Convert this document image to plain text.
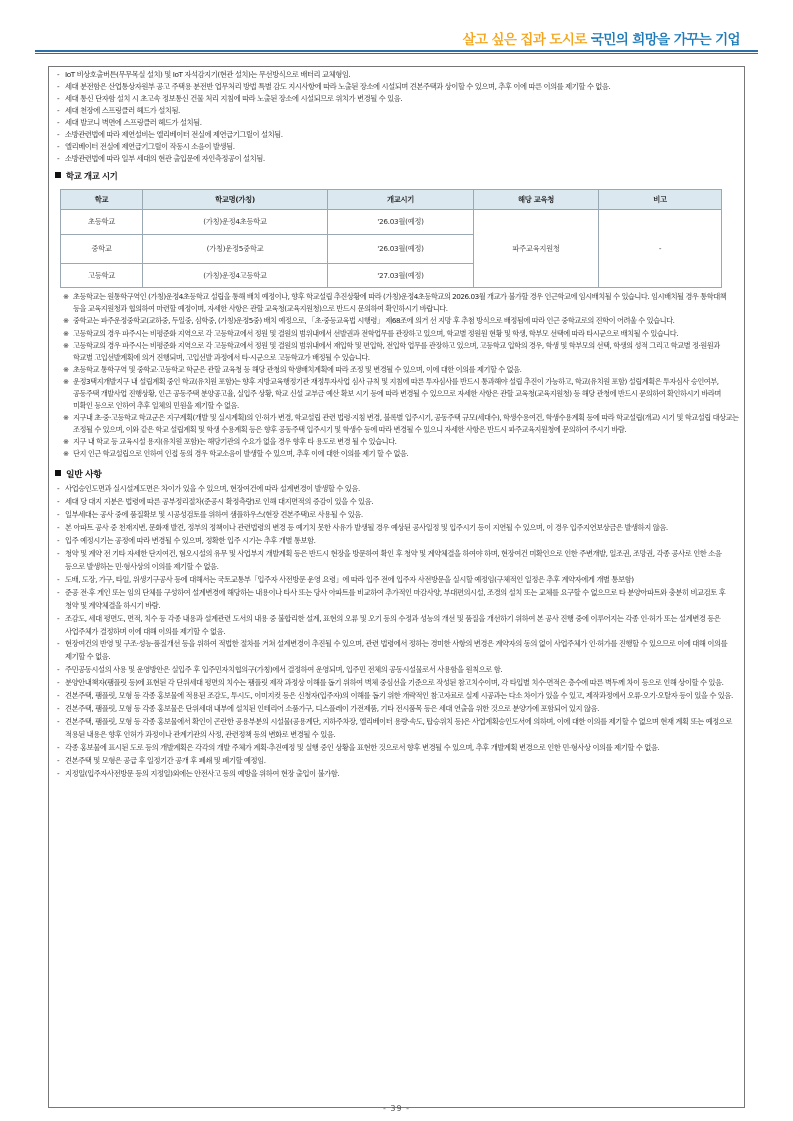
살고 싶은 집과 도시로 국민의 희망을 가꾸는 기업
- IoT 비상호출버튼(무무목실 설치) 및 IoT 자석감지기(현관 설치)는 무선방식으로 배터리 교체형임.
- 세대 분전함은 산업통상자원부 공고 주택용 분전반 업무처리 방법 특별 감도 지시사항에 따라 노출된 장소에 시설되며 견본주택과 상이할 수 있으며, 추후 이에 따른 이의를 제기할 수 없음.
- 세대 통신 단자함 설치 시 초고속 정보통신 건물 처리 지침에 따라 노출된 장소에 시설되므로 위치가 변경될 수 있음.
- 세대 천장에 스프링클러 헤드가 설치됨.
- 세대 발코니 벽면에 스프링클러 헤드가 설치됨.
- 소방관련법에 따라 제연설비는 엘리베이터 전실에 제연급기그릴이 설치됨.
- 엘리베이터 전실에 제연급기그릴이 작동시 소음이 발생됨.
- 소방관련법에 따라 일부 세대의 현관 출입문에 자인측정공이 설치됨.
학교 개교 시기
학교	학교명(가칭)	개교시기	해당 교육청	비고
초등학교	(가칭)운정4초등학교	'26.03월(예정)	파주교육지원청	-
중학교	(가칭)운정5중학교	'26.03월(예정)		
고등학교	(가칭)운정4고등학교	'27.03월(예정)		
※ 초등학교는 원통학구역인 (가칭)운정4초등학교 설립을 통해 배치 예정이나, 향후 학교설립 추진상황에 따라 (가칭)운정4초등학교의 2026.03월 개교가 불가할 경우 인근학교에 임시배치될 수 있습니다. 임시배치될 경우 통학대책 등을 교육지원청과 협의하여 마련할 예정이며, 자세한 사항은 관할 교육청(교육지원청)으로 반드시 문의하여 확인하시기 바랍니다.
※ 중학교는 파주운정중학교(교하중, 두일중, 심학중, (가칭)운정5중) 배치 예정으로, 「초·중등교육법 시행령」 제68조에 의거 선 지망 후 추첨 방식으로 배정됨에 따라 인근 중학교로의 진학이 어려울 수 있습니다.
※ 고등학교의 경우 파주시는 비평준화 지역으로 각 고등학교에서 정원 및 결원의 범위내에서 선발권과 전학업무를 관장하고 있으며, 학교별 정원원 현황 및 학생, 학부모 선택에 따라 타시군으로 배치될 수 있습니다.
※ 고등학교의 경우 파주시는 비평준화 지역으로 각 고등학교에서 정원 및 결원의 범위내에서 재입학 및 편입학, 전입학 업무를 관장하고 있으며, 고등학교 입학의 경우, 학생 및 학부모의 선택, 학생의 성적 그리고 학교별 정·원원과 학교별 고입선발계획에 의거 진행되며, 고입선발 과정에서 타·시군으로 고등학교가 배정될 수 있습니다.
※ 초등학교 통학구역 및 중학교·고등학교 학군은 관할 교육청 등 해당 관청의 학생배치계획에 따라 조정 및 변경될 수 있으며, 이에 대한 이의를 제기할 수 없음.
※ 운정3택지개발지구 내 설립계획 중인 학교(유치원 포함)는 향후 지방교육행정기관 재정투자사업 심사 규칙 및 지침에 따른 투자심사를 반드시 통과해야 설립 추진이 가능하고, 학교(유치원 포함) 설립계획은 투자심사 승인여부, 공동주택 개발사업 진행상황, 인근 공동주택 분양공고율, 실입주 상황, 학교 신설 교부금 예산 확보 시기 등에 따라 변경될 수 있으므로 자세한 사항은 관할 교육청(교육지원청) 등 해당 관청에 반드시 문의하여 확인하시기 바라며 미확인 등으로 인하여 추후 일체의 민원을 제기할 수 없음.
※ 지구내 초·중·고등학교 학교군은 지구계획(개발 및 실시계획)의 인·허가 변경, 학교설립 관련 법령·지침 변경, 블록별 입주시기, 공동주택 규모(세대수), 학생수용여건, 학생수용계획 등에 따라 학교설립(개교) 시기 및 학교설립 대상교는 조정될 수 있으며, 이와 같은 학교 설립계획 및 학생 수용계획 등은 향후 공동주택 입주시기 및 학생수 등에 따라 변경될 수 있으니 자세한 사항은 반드시 파주교육지원청에 문의하여 주시기 바람.
※ 지구 내 학교 등 교육시설 용지(유치원 포함)는 해당기관의 수요가 없을 경우 향후 타 용도로 변경 될 수 있습니다.
※ 단지 인근 학교설립으로 인하여 인접 동의 경우 학교소음이 발생할 수 있으며, 추후 이에 대한 이의를 제기 할 수 없음.
일반 사항
- 사업승인도면과 실시설계도면은 차이가 있을 수 있으며, 현장여건에 따라 설계변경이 발생할 수 있음.
- 세대 당 대지 지분은 법령에 따른 공부정리절차(준공시 확정측량)로 인해 대지면적의 증감이 있을 수 있음.
- 일부세대는 공사 중에 품질확보 및 시공성검토를 위하여 샘플하우스(현장 견본주택)로 사용될 수 있음.
- 본 아파트 공사 중 천재지변, 문화재 발견, 정부의 정책이나 관련법령의 변경 등 예기치 못한 사유가 발생될 경우 예상된 공사일정 및 입주시기 등이 지연될 수 있으며, 이 경우 입주지연보상금은 발생하지 않음.
- 입주 예정시기는 공정에 따라 변경될 수 있으며, 정확한 입주 시기는 추후 개별 통보함.
- 청약 및 계약 전 기타 자세한 단지여건, 혐오시설의 유무 및 사업부지 개발계획 등은 반드시 현장을 방문하여 확인 후 청약 및 계약체결을 하여야 하며, 현장여건 미확인으로 인한 주변개발, 일조권, 조망권, 각종 공사로 인한 소음 등으로 발생하는 민·형사상의 이의를 제기할 수 없음.
- 도배, 도장, 가구, 타일, 위생기구공사 등에 대해서는 국토교통부「입주자 사전방문 운영 요령」에 따라 입주 전에 입주자 사전방문을 실시할 예정임(구체적인 일정은 추후 계약자에게 개별 통보함)
- 준공 전·후 게인 또는 임의 단체를 구성하여 설계변경에 해당하는 내용이나 타사 또는 당사 아파트를 비교하여 추가적인 마감사양, 부대편의시설, 조경의 설치 또는 교체를 요구할 수 없으므로 타 분양아파트와 충분히 비교검토 후 청약 및 계약체결을 하시기 바람.
- 조감도, 세대 평면도, 면적, 치수 등 각종 내용과 설계관련 도서의 내용 중 불합리한 설계, 표현의 오류 및 오기 등의 수정과 성능의 개선 및 품질을 개선하기 위하여 본 공사 진행 중에 이루어지는 각종 인·허가 또는 설계변경 등은 사업주체가 결정하며 이에 대해 이의를 제기할 수 없음.
- 현장여건의 반영 및 구조·성능·품질개선 등을 위하여 적법한 절차를 거쳐 설계변경이 추진될 수 있으며, 관련 법령에서 정하는 경미한 사항의 변경은 계약자의 동의 없이 사업주체가 인·허가를 진행할 수 있으므로 이에 대해 이의를 제기할 수 없음.
- 주민공동시설의 사용 및 운영방안은 실입주 후 입주민자치협의구(가칭)에서 결정하여 운영되며, 입주민 전체의 공동시설물로서 사용함을 원칙으로 함.
- 분양안내책자(팸플릿 등)에 표현된 각 단위세대 평면의 치수는 팸플릿 제작 과정상 이해를 돕기 위하여 벽체 중심선을 기준으로 작성된 참고치수이며, 각 타입별 치수·면적은 층수에 따른 벽두께 차이 등으로 인해 상이할 수 있음.
- 견본주택, 팸플릿, 모형 등 각종 홍보물에 적용된 조감도, 투시도, 이미지컷 등은 신청자(입주자)의 이해를 돕기 위한 개략적인 참고자료로 실제 시공과는 다소 차이가 있을 수 있고, 제작과정에서 오류·오기·오탈자 등이 있을 수 있음.
- 견본주택, 팸플릿, 모형 등 각종 홍보물은 단위세대 내부에 설치된 인테리어 소품가구, 디스플레이 가전제품, 기타 전시품목 등은 세대 연출을 위한 것으로 분양가에 포함되어 있지 않음.
- 견본주택, 팸플릿, 모형 등 각종 홍보물에서 확인이 곤란한 공용부분의 시설물(공용계단, 지하주차장, 엘리베이터 용량·속도, 탑승위치 등)은 사업계획승인도서에 의하며, 이에 대한 이의를 제기할 수 없으며 현재 계획 또는 예정으로 적용된 내용은 향후 인허가 과정이나 관계기관의 사정, 관련정책 등의 변화로 변경될 수 있음.
- 각종 홍보물에 표시된 도로 등의 개발계획은 각각의 개발 주체가 계획·추진예정 및 실행 중인 상황을 표현한 것으로서 향후 변경될 수 있으며, 추후 개발계획 변경으로 인한 민·형사상 이의를 제기할 수 없음.
- 견본주택 및 모형은 공급 후 일정기간 공개 후 폐쇄 및 폐기할 예정임.
- 지정일(입주자사전방문 등의 지정일)외에는 안전사고 등의 예방을 위하여 현장 출입이 불가함.
- 39 -
